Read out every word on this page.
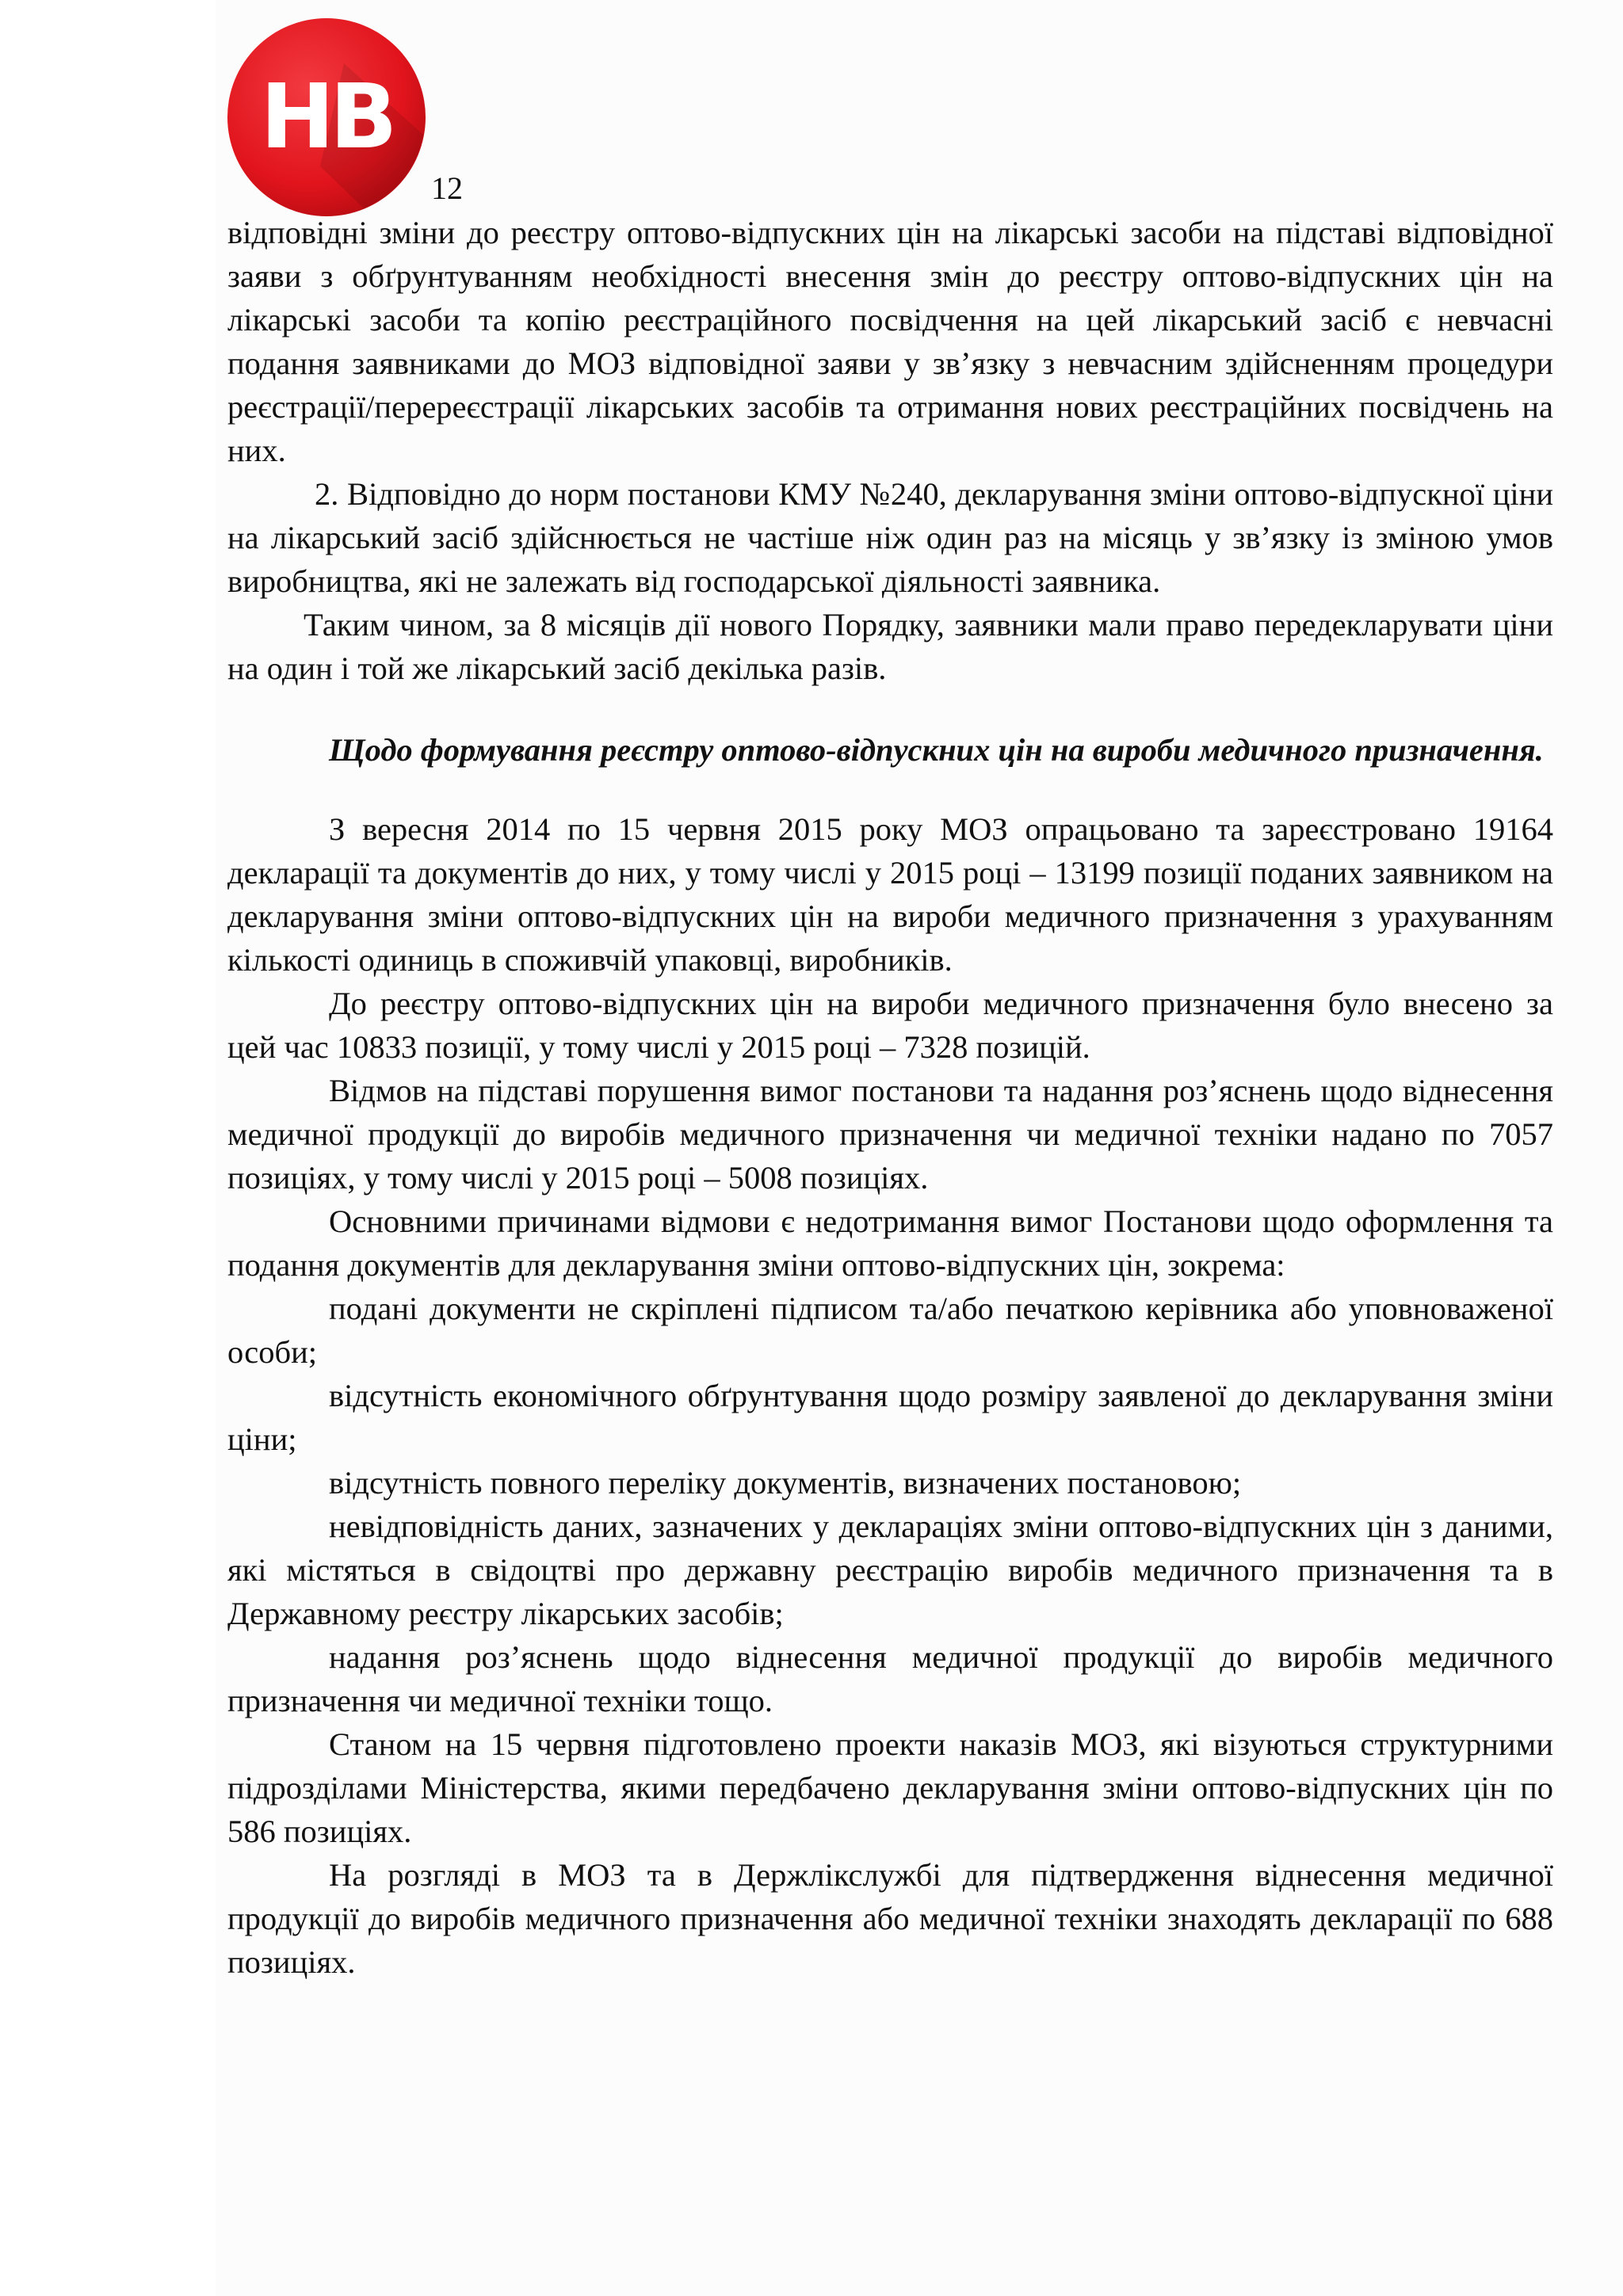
НВ
12

відповідні зміни до реєстру оптово-відпускних цін на лікарські засоби на підставі відповідної заяви з обґрунтуванням необхідності внесення змін до реєстру оптово-відпускних цін на лікарські засоби та копію реєстраційного посвідчення на цей лікарський засіб є невчасні подання заявниками до МОЗ відповідної заяви у зв’язку з невчасним здійсненням процедури реєстрації/перереєстрації лікарських засобів та отримання нових реєстраційних посвідчень на них.

2. Відповідно до норм постанови КМУ №240, декларування зміни оптово-відпускної ціни на лікарський засіб здійснюється не частіше ніж один раз на місяць у зв’язку із зміною умов виробництва, які не залежать від господарської діяльності заявника.

Таким чином, за 8 місяців дії нового Порядку, заявники мали право передекларувати ціни на один і той же лікарський засіб декілька разів.

Щодо формування реєстру оптово-відпускних цін на вироби медичного призначення.

З вересня 2014 по 15 червня 2015 року МОЗ опрацьовано та зареєстровано 19164 декларації та документів до них, у тому числі у 2015 році – 13199 позиції поданих заявником на декларування зміни оптово-відпускних цін на вироби медичного призначення з урахуванням кількості одиниць в споживчій упаковці, виробників.

До реєстру оптово-відпускних цін на вироби медичного призначення було внесено за цей час 10833 позиції, у тому числі у 2015 році – 7328 позицій.

Відмов на підставі порушення вимог постанови та надання роз’яснень щодо віднесення медичної продукції до виробів медичного призначення чи медичної техніки надано по 7057 позиціях, у тому числі у 2015 році – 5008 позиціях.

Основними причинами відмови є недотримання вимог Постанови щодо оформлення та подання документів для декларування зміни оптово-відпускних цін, зокрема:

подані документи не скріплені підписом та/або печаткою керівника або уповноваженої особи;

відсутність економічного обґрунтування щодо розміру заявленої до декларування зміни ціни;

відсутність повного переліку документів, визначених постановою;

невідповідність даних, зазначених у деклараціях зміни оптово-відпускних цін з даними, які містяться в свідоцтві про державну реєстрацію виробів медичного призначення та в Державному реєстру лікарських засобів;

надання роз’яснень щодо віднесення медичної продукції до виробів медичного призначення чи медичної техніки тощо.

Станом на 15 червня підготовлено проекти наказів МОЗ, які візуються структурними підрозділами Міністерства, якими передбачено декларування зміни оптово-відпускних цін по 586 позиціях.

На розгляді в МОЗ та в Держлікслужбі для підтвердження віднесення медичної продукції до виробів медичного призначення або медичної техніки знаходять декларації по 688 позиціях.
